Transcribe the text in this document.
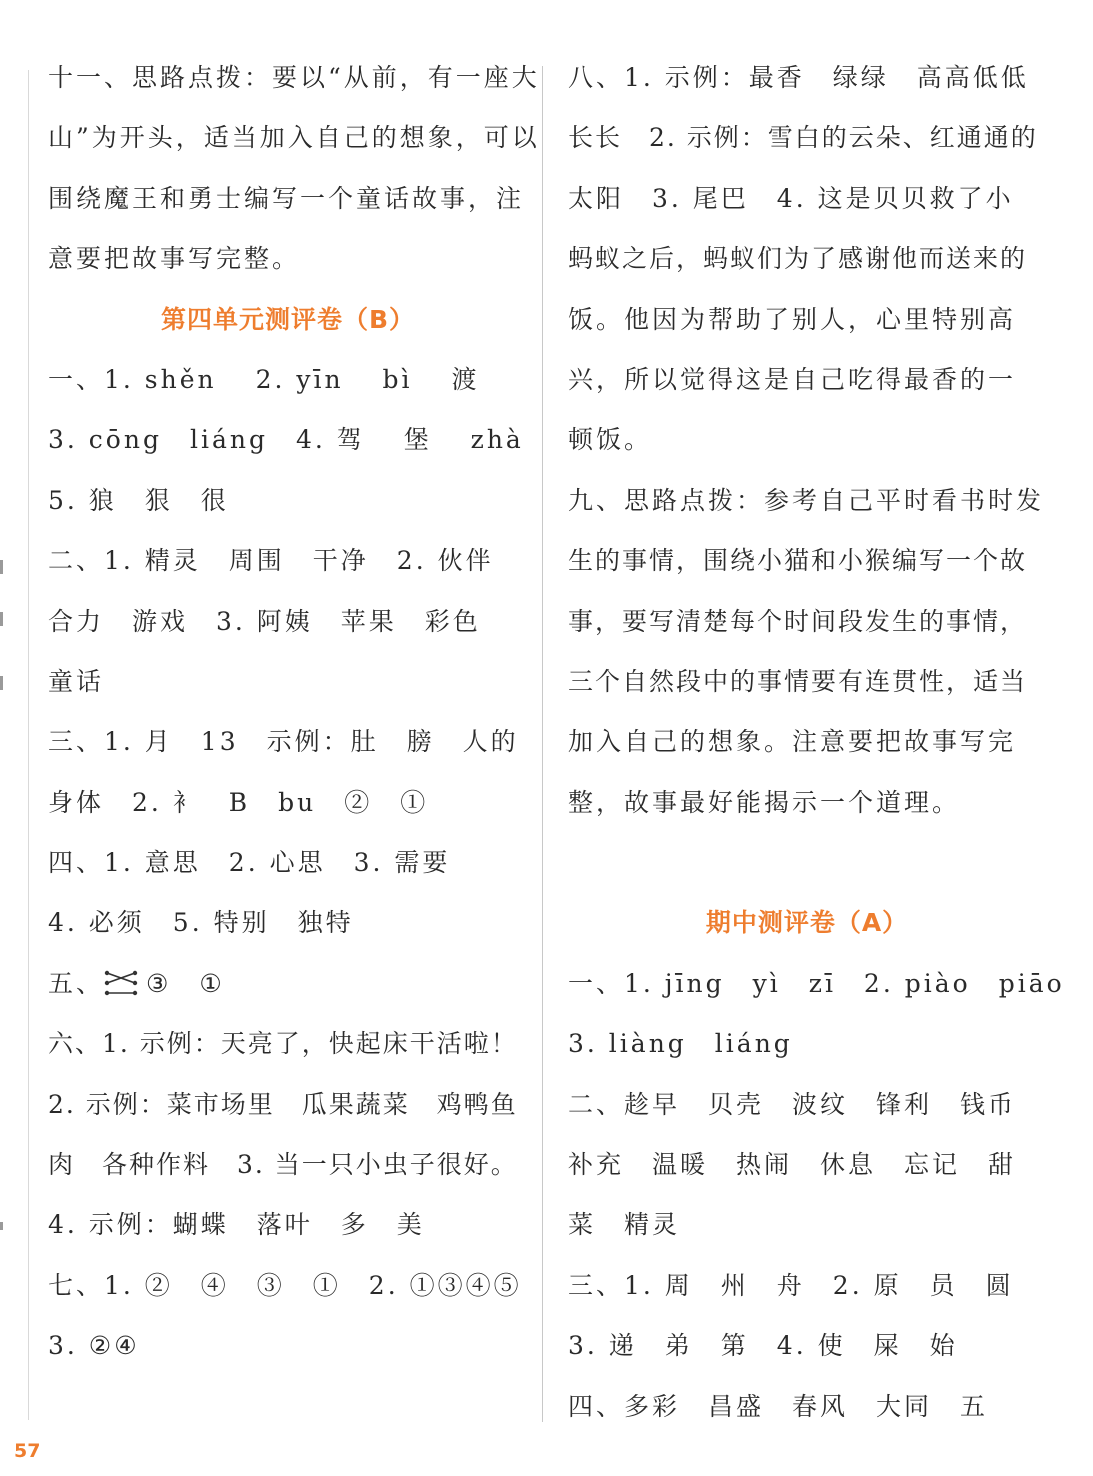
十一、思路点拨：要以“从前，有一座大
山”为开头，适当加入自己的想象，可以
围绕魔王和勇士编写一个童话故事，注
意要把故事写完整。
第四单元测评卷（B）
一、1. shěn　 2. yīn　 bì　 渡
3. cōng　liáng　4. 驾　 堡　 zhà
5. 狼　狠　很
二、1. 精灵　周围　干净　2. 伙伴
合力　游戏　3. 阿姨　苹果　彩色
童话
三、1. 月　13　示例：肚　膀　人的
身体　2. 衤　B　bu　②　①
四、1. 意思　2. 心思　3. 需要
4. 必须　5. 特别　独特
五、 ③　①
六、1. 示例：天亮了，快起床干活啦！
2. 示例：菜市场里　瓜果蔬菜　鸡鸭鱼
肉　各种作料　3. 当一只小虫子很好。
4. 示例：蝴蝶　落叶　多　美
七、1. ②　④　③　①　2. ①③④⑤
3. ②④
八、1. 示例：最香　绿绿　高高低低
长长　2. 示例：雪白的云朵、红通通的
太阳　3. 尾巴　4. 这是贝贝救了小
蚂蚁之后，蚂蚁们为了感谢他而送来的
饭。他因为帮助了别人，心里特别高
兴，所以觉得这是自己吃得最香的一
顿饭。
九、思路点拨：参考自己平时看书时发
生的事情，围绕小猫和小猴编写一个故
事，要写清楚每个时间段发生的事情，
三个自然段中的事情要有连贯性，适当
加入自己的想象。注意要把故事写完
整，故事最好能揭示一个道理。
期中测评卷（A）
一、1. jīng　yì　zī　2. piào　piāo
3. liàng　liáng
二、趁早　贝壳　波纹　锋利　钱币
补充　温暖　热闹　休息　忘记　甜
菜　精灵
三、1. 周　州　舟　2. 原　员　圆
3. 递　弟　第　4. 使　屎　始
四、多彩　昌盛　春风　大同　五
57
